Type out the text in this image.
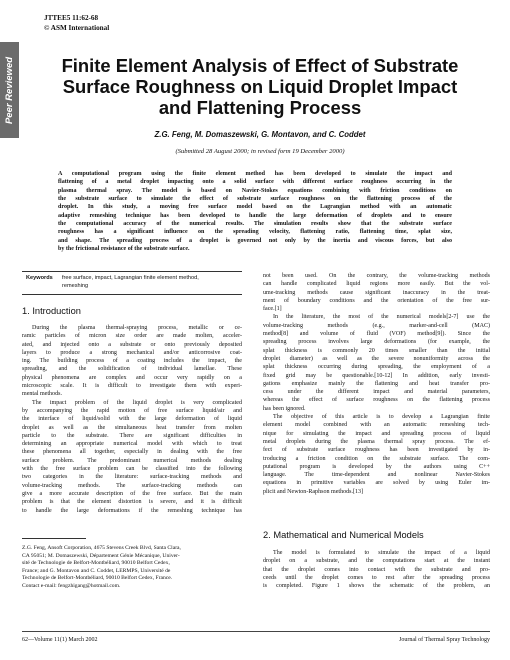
JTTEE5 11:62-68
© ASM International
Peer Reviewed	Finite Element Analysis of Effect of Substrate
Surface Roughness on Liquid Droplet Impact
and Flattening Process
Z.G. Feng, M. Domaszewski, G. Montavon, and C. Coddet
(Submitted 28 August 2000; in revised form 19 December 2000)
A computational program using the finite element method has been developed to simulate the impact and
flattening of a metal droplet impacting onto a solid surface with different surface roughness occurring in the
plasma thermal spray. The model is based on Navier-Stokes equations combining with friction conditions on
the substrate surface to simulate the effect of substrate surface roughness on the flattening process of the
droplet. In this study, a moving free surface model based on the Lagrangian method with an automatic
adaptive remeshing technique has been developed to handle the large deformation of droplets and to ensure
the computational accuracy of the numerical results. The simulation results show that the substrate surface
roughness has a significant influence on the spreading velocity, flattening ratio, flattening time, splat size,
and shape. The spreading process of a droplet is governed not only by the inertia and viscous forces, but also
by the frictional resistance of the substrate surface.
Keywords free surface, impact, Lagrangian finite element method,
remeshing
1. Introduction
During the plasma thermal-spraying process, metallic or ce-
ramic particles of micron size order are made molten, acceler-
ated, and injected onto a substrate or onto previously deposited
layers to produce a strong mechanical and/or anticorrosive coat-
ing. The building process of a coating includes the impact, the
spreading, and the solidification of individual lamellae. These
physical phenomena are complex and occur very rapidly on a
microscopic scale. It is difficult to investigate them with experi-
mental methods.
The impact problem of the liquid droplet is very complicated
by accompanying the rapid motion of free surface liquid/air and
the interface of liquid/solid with the large deformation of liquid
droplet as well as the simultaneous heat transfer from molten
particle to the substrate. There are significant difficulties in
determining an appropriate numerical model with which to treat
these phenomena all together, especially in dealing with the free
surface problem. The predominant numerical methods dealing
with the free surface problem can be classified into the following
two categories in the literature: surface-tracking methods and
volume-tracking methods. The surface-tracking methods can
give a more accurate description of the free surface. But the main
problem is that the element distortion is severe, and it is difficult
to handle the large deformations if the remeshing technique has
Z.G. Feng, Ansoft Corporation, 4675 Stevens Creek Blvd, Santa Clara,
CA 95051; M. Domaszewski, Département Génie Mécanique, Univer-
sité de Technologie de Belfort-Montbéliard, 90010 Belfort Cedex,
France; and G. Montavon and C. Coddet, LERMPS, Université de
Technologie de Belfort-Montbéliard, 90010 Belfort Cedex, France.
Contact e-mail: fengzhigang@hotmail.com.
not been used. On the contrary, the volume-tracking methods
can handle complicated liquid regions more easily. But the vol-
ume-tracking methods cause significant inaccuracy in the treat-
ment of boundary conditions and the orientation of the free sur-
face.[1]
In the literature, the most of the numerical models[2-7] use the
volume-tracking methods (e.g., marker-and-cell (MAC)
method[8] and volume of fluid (VOF) method[9]). Since the
spreading process involves large deformations (for example, the
splat thickness is commonly 20 times smaller than the initial
droplet diameter) as well as the severe nonuniformity across the
splat thickness occurring during spreading, the employment of a
fixed grid may be questionable.[10-12] In addition, early investi-
gations emphasize mainly the flattening and heat transfer pro-
cess under the different impact and material parameters,
whereas the effect of surface roughness on the flattening process
has been ignored.
The objective of this article is to develop a Lagrangian finite
element model combined with an automatic remeshing tech-
nique for simulating the impact and spreading process of liquid
metal droplets during the plasma thermal spray process. The ef-
fect of substrate surface roughness has been investigated by in-
troducing a friction condition on the substrate surface. The com-
putational program is developed by the authors using C++
language. The time-dependent and nonlinear Navier-Stokes
equations in primitive variables are solved by using Euler im-
plicit and Newton-Raphson methods.[13]
2. Mathematical and Numerical Models
The model is formulated to simulate the impact of a liquid
droplet on a substrate, and the computations start at the instant
that the droplet comes into contact with the substrate and pro-
ceeds until the droplet comes to rest after the spreading process
is completed. Figure 1 shows the schematic of the problem, an
62—Volume 11(1) March 2002	Journal of Thermal Spray Technology
